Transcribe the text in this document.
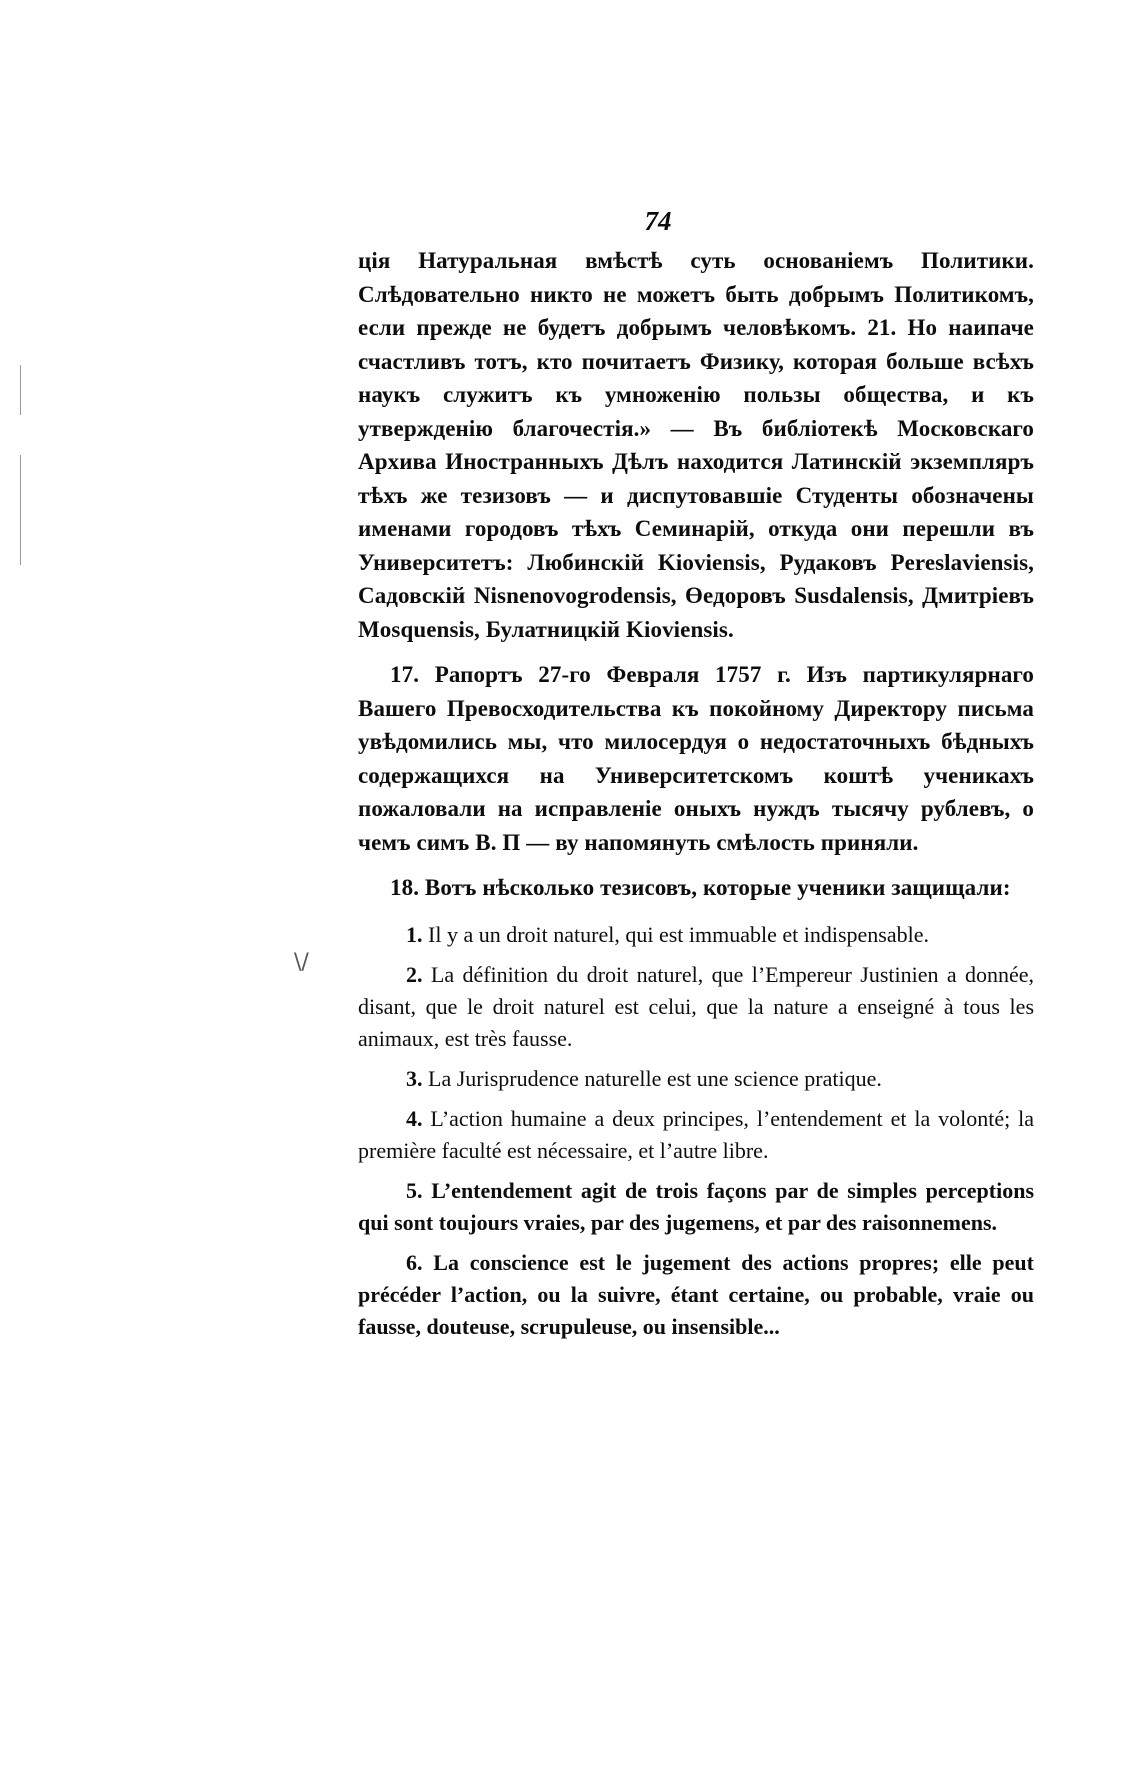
\/
74

ція Натуральная вмѣстѣ суть основаніемъ Политики. Слѣдовательно никто не можетъ быть добрымъ Политикомъ, если прежде не будетъ добрымъ человѣкомъ. 21. Но наипаче счастливъ тотъ, кто почитаетъ Физику, которая больше всѣхъ наукъ служитъ къ умноженію пользы общества, и къ утвержденію благочестія.» — Въ библіотекѣ Московскаго Архива Иностранныхъ Дѣлъ находится Латинскій экземпляръ тѣхъ же тезизовъ — и диспутовавшіе Студенты обозначены именами городовъ тѣхъ Семинарій, откуда они перешли въ Университетъ: Любинскій Kioviensis, Рудаковъ Pereslaviensis, Садовскій Nisnenovogrodensis, Өедоровъ Susdalensis, Дмитріевъ Mosquensis, Булатницкій Kioviensis.

17. Рапортъ 27-го Февраля 1757 г. Изъ партикулярнаго Вашего Превосходительства къ покойному Директору письма увѣдомились мы, что милосердуя о недостаточныхъ бѣдныхъ содержащихся на Университетскомъ коштѣ ученикахъ пожаловали на исправленіе оныхъ нуждъ тысячу рублевъ, о чемъ симъ В. П — ву напомянуть смѣлость приняли.

18. Вотъ нѣсколько тезисовъ, которые ученики защищали:

1. Il y a un droit naturel, qui est immuable et indispensable.

2. La définition du droit naturel, que l’Empereur Justinien a donnée, disant, que le droit naturel est celui, que la nature a enseigné à tous les animaux, est très fausse.

3. La Jurisprudence naturelle est une science pratique.

4. L’action humaine a deux principes, l’entendement et la volonté; la première faculté est nécessaire, et l’autre libre.

5. L’entendement agit de trois façons par de simples perceptions qui sont toujours vraies, par des jugemens, et par des raisonnemens.

6. La conscience est le jugement des actions propres; elle peut précéder l’action, ou la suivre, étant certaine, ou probable, vraie ou fausse, douteuse, scrupuleuse, ou insensible...
